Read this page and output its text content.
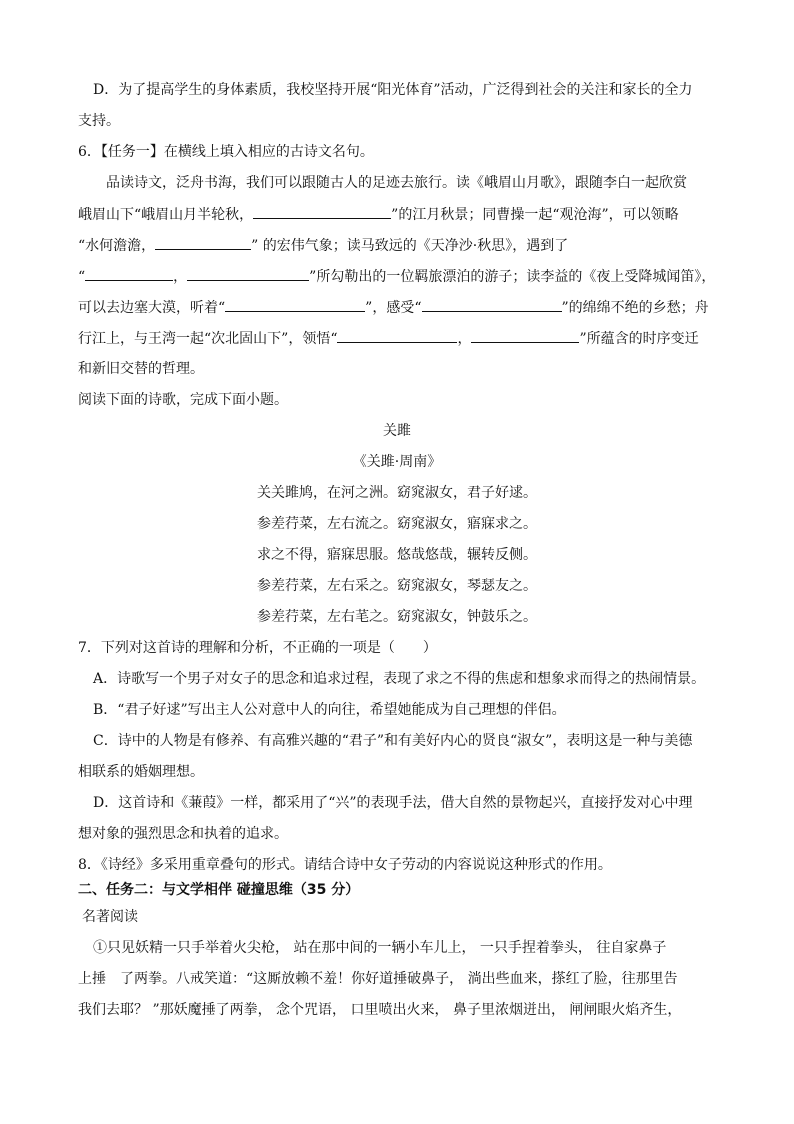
D．为了提高学生的身体素质，我校坚持开展“阳光体育”活动，广泛得到社会的关注和家长的全力
支持。
6．【任务一】在横线上填入相应的古诗文名句。
品读诗文，泛舟书海，我们可以跟随古人的足迹去旅行。读《峨眉山月歌》，跟随李白一起欣赏
峨眉山下“峨眉山月半轮秋，	”的江月秋景；同曹操一起“观沧海”，可以领略
“水何澹澹，	” 的宏伟气象；读马致远的《天净沙·秋思》，遇到了
“	，	”所勾勒出的一位羁旅漂泊的游子；读李益的《夜上受降城闻笛》，
可以去边塞大漠，听着“	”，感受“	”的绵绵不绝的乡愁；舟
行江上，与王湾一起“次北固山下”，领悟“	，	”所蕴含的时序变迁
和新旧交替的哲理。
阅读下面的诗歌，完成下面小题。
关雎
《关雎·周南》
关关雎鸠，在河之洲。窈窕淑女，君子好逑。
参差荇菜，左右流之。窈窕淑女，寤寐求之。
求之不得，寤寐思服。悠哉悠哉，辗转反侧。
参差荇菜，左右采之。窈窕淑女，琴瑟友之。
参差荇菜，左右芼之。窈窕淑女，钟鼓乐之。
7．下列对这首诗的理解和分析，不正确的一项是（　　）
A．诗歌写一个男子对女子的思念和追求过程，表现了求之不得的焦虑和想象求而得之的热闹情景。
B．“君子好逑”写出主人公对意中人的向往，希望她能成为自己理想的伴侣。
C．诗中的人物是有修养、有高雅兴趣的“君子”和有美好内心的贤良“淑女”，表明这是一种与美德
相联系的婚姻理想。
D．这首诗和《蒹葭》一样，都采用了“兴”的表现手法，借大自然的景物起兴，直接抒发对心中理
想对象的强烈思念和执着的追求。
8．《诗经》多采用重章叠句的形式。请结合诗中女子劳动的内容说说这种形式的作用。
二、任务二：与文学相伴 碰撞思维（35 分）
名著阅读
①只见妖精一只手举着火尖枪， 站在那中间的一辆小车儿上， 一只手捏着拳头， 往自家鼻子
上捶　了两拳。八戒笑道：“这厮放赖不羞！你好道捶破鼻子， 淌出些血来，搽红了脸，往那里告
我们去耶？ ”那妖魔捶了两拳， 念个咒语， 口里喷出火来， 鼻子里浓烟迸出， 闸闸眼火焰齐生，
